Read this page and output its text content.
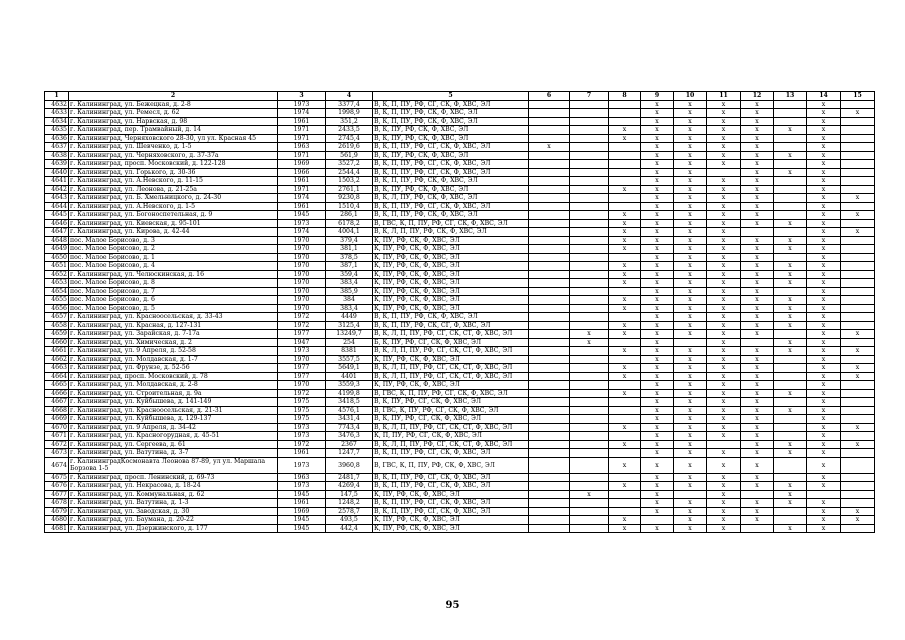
1	2	3	4	5	6	7	8	9	10	11	12	13	14	15
4632	г. Калининград, ул. Бежецкая, д. 2-8	1973	3377,4	В, К, П, ПУ, РФ, СГ, СК, Ф, ХВС, ЭЛ				x	x	x	x		x	
4633	г. Калининград, ул. Ремесл, д. 62	1974	1998,9	В, К, П, ПУ, РФ, СК, Ф, ХВС, ЭЛ				x	x	x	x		x	x
4634	г. Калининград, ул. Нарвская, д. 98	1961	351,2	В, К, П, ПУ, РФ, СК, Ф, ХВС, ЭЛ				x	x	x	x		x	
4635	г. Калининград, пер. Трамвайный, д. 14	1971	2433,5	В, К, ПУ, РФ, СК, Ф, ХВС, ЭЛ			x	x	x	x	x	x	x	
4636	г. Калининград, Черняховского 28-30, ул ул. Красная 45	1971	2745,4	В, К, ПУ, РФ, СК, Ф, ХВС, ЭЛ			x	x	x	x	x		x	
4637	г. Калининград, ул. Шевченко, д. 1-5	1963	2619,6	В, К, П, ПУ, РФ, СГ, СК, Ф, ХВС, ЭЛ	x			x	x	x	x		x	
4638	г. Калининград, ул. Черняховского, д. 37-37а	1971	561,9	В, К, ПУ, РФ, СК, Ф, ХВС, ЭЛ				x	x	x	x	x	x	
4639	г. Калининград, просп. Московский, д. 122-128	1969	3527,2	В, К, П, ПУ, РФ, СГ, СК, Ф, ХВС, ЭЛ				x	x	x	x		x	
4640	г. Калининград, ул. Горького, д. 30-36	1966	2544,4	В, К, П, ПУ, РФ, СГ, СК, Ф, ХВС, ЭЛ				x	x		x	x	x	
4641	г. Калининград, ул. А.Невского, д. 11-15	1961	1503,2	В, К, П, ПУ, РФ, СК, Ф, ХВС, ЭЛ				x	x	x	x		x	
4642	г. Калининград, ул. Леонова, д. 21-25а	1971	2761,1	В, К, ПУ, РФ, СК, Ф, ХВС, ЭЛ			x	x	x	x	x		x	
4643	г. Калининград, ул. Б. Хмельницкого, д. 24-30	1974	9230,8	В, К, Л, ПУ, РФ, СК, Ф, ХВС, ЭЛ				x	x	x	x		x	x
4644	г. Калининград, ул. А.Невского, д. 1-5	1961	1510,4	В, К, П, ПУ, РФ, СГ, СК, Ф, ХВС, ЭЛ				x	x	x	x		x	
4645	г. Калининград, ул. Богоноспетельная, д. 9	1945	286,1	В, К, П, ПУ, РФ, СК, Ф, ХВС, ЭЛ			x	x	x	x	x		x	x
4646	г. Калининград, ул. Киевская, д. 95-101	1973	6178,2	В, ГВС, К, П, ПУ, РФ, СГ, СК, Ф, ХВС, ЭЛ			x	x	x	x	x	x	x	
4647	г. Калининград, ул. Кирова, д. 42-44	1974	4004,1	В, К, Л, П, ПУ, РФ, СК, Ф, ХВС, ЭЛ			x	x	x	x			x	x
4648	пос. Малое Борисово, д. 3	1970	379,4	К, ПУ, РФ, СК, Ф, ХВС, ЭЛ			x	x	x	x	x	x	x	
4649	пос. Малое Борисово, д. 2	1970	381,1	К, ПУ, РФ, СК, Ф, ХВС, ЭЛ			x	x	x	x	x	x	x	
4650	пос. Малое Борисово, д. 1	1970	378,5	К, ПУ, РФ, СК, Ф, ХВС, ЭЛ				x	x	x	x		x	
4651	пос. Малое Борисово, д. 4	1970	387,1	К, ПУ, РФ, СК, Ф, ХВС, ЭЛ			x	x	x	x	x	x	x	
4652	г. Калининград, ул. Челюскинская, д. 16	1970	359,4	К, ПУ, РФ, СК, Ф, ХВС, ЭЛ			x	x	x	x	x	x	x	
4653	пос. Малое Борисово, д. 8	1970	383,4	К, ПУ, РФ, СК, Ф, ХВС, ЭЛ			x	x	x	x	x	x	x	
4654	пос. Малое Борисово, д. 7	1970	385,9	К, ПУ, РФ, СК, Ф, ХВС, ЭЛ				x	x	x	x		x	
4655	пос. Малое Борисово, д. 6	1970	384	К, ПУ, РФ, СК, Ф, ХВС, ЭЛ			x	x	x	x	x	x	x	
4656	пос. Малое Борисово, д. 5	1970	383,4	К, ПУ, РФ, СК, Ф, ХВС, ЭЛ			x	x	x	x	x	x	x	
4657	г. Калининград, ул. Красноосельская, д. 33-43	1972	4449	В, К, П, ПУ, РФ, СК, Ф, ХВС, ЭЛ				x	x	x	x	x	x	
4658	г. Калининград, ул. Красная, д. 127-131	1972	3125,4	В, К, П, ПУ, РФ, СК, СГ, Ф, ХВС, ЭЛ			x	x	x	x	x	x	x	
4659	г. Калининград, ул. Зарайская, д. 7-17а	1977	13249,7	В, К, Л, П, ПУ, РФ, СГ, СК, СТ, Ф, ХВС, ЭЛ		x	x	x	x	x	x		x	x
4660	г. Калининград, ул. Химическая, д. 2	1947	254	Б, К, ПУ, РФ, СГ, СК, Ф, ХВС, ЭЛ		x		x		x		x	x	
4661	г. Калининград, ул. 9 Апреля, д. 52-58	1973	8381	В, К, Л, П, ПУ, РФ, СГ, СК, СТ, Ф, ХВС, ЭЛ			x	x	x	x	x	x	x	x
4662	г. Калининград, ул. Молдавская, д. 1-7	1970	3557,5	К, ПУ, РФ, СК, Ф, ХВС, ЭЛ				x	x	x	x		x	
4663	г. Калининград, ул. Фрунзе, д. 52-56	1977	5649,1	В, К, Л, П, ПУ, РФ, СГ, СК, СТ, Ф, ХВС, ЭЛ			x	x	x	x	x		x	x
4664	г. Калининград, просп. Московский, д. 78	1977	4401	В, К, Л, П, ПУ, РФ, СГ, СК, СТ, Ф, ХВС, ЭЛ			x	x	x	x	x		x	x
4665	г. Калининград, ул. Молдавская, д. 2-8	1970	3559,3	К, ПУ, РФ, СК, Ф, ХВС, ЭЛ				x	x	x	x		x	
4666	г. Калининград, ул. Строительная, д. 9а	1972	4199,8	В, ГВС, К, П, ПУ, РФ, СГ, СК, Ф, ХВС, ЭЛ			x	x	x	x	x	x	x	
4667	г. Калининград, ул. Куйбышева, д. 141-149	1975	3418,5	В, К, ПУ, РФ, СГ, СК, Ф, ХВС, ЭЛ				x	x	x	x		x	
4668	г. Калининград, ул. Красноосельская, д. 21-31	1975	4576,1	В, ГВС, К, ПУ, РФ, СГ, СК, Ф, ХВС, ЭЛ				x	x	x	x	x	x	
4669	г. Калининград, ул. Куйбышева, д. 129-137	1975	3431,4	В, К, ПУ, РФ, СГ, СК, Ф, ХВС, ЭЛ				x	x	x	x		x	
4670	г. Калининград, ул. 9 Апреля, д. 34-42	1973	7743,4	В, К, Л, П, ПУ, РФ, СГ, СК, СТ, Ф, ХВС, ЭЛ			x	x	x	x	x		x	x
4671	г. Калининград, ул. Красногорудная, д. 45-51	1973	3476,3	К, П, ПУ, РФ, СГ, СК, Ф, ХВС, ЭЛ				x	x	x	x		x	
4672	г. Калининград, ул. Сергеева, д. 61	1972	2367	В, К, Л, П, ПУ, РФ, СГ, СК, СТ, Ф, ХВС, ЭЛ			x	x	x		x	x	x	x
4673	г. Калининград, ул. Ватутина, д. 3-7	1961	1247,7	В, К, П, ПУ, РФ, СГ, СК, Ф, ХВС, ЭЛ				x	x	x	x	x	x	
4674	г. КалининградКосмонавта Леонова 87-89, ул ул. Маршала Борзова 1-5	1973	3960,8	В, ГВС, К, П, ПУ, РФ, СК, Ф, ХВС, ЭЛ			x	x	x	x	x		x	
4675	г. Калининград, просп. Ленинский, д. 69-73	1963	2481,7	В, К, П, ПУ, РФ, СГ, СК, Ф, ХВС, ЭЛ				x	x	x	x		x	
4676	г. Калининград, ул. Некрасова, д. 18-24	1973	4269,4	В, К, П, ПУ, РФ, СГ, СК, Ф, ХВС, ЭЛ			x	x	x	x	x	x	x	
4677	г. Калининград, ул. Коммунальная, д. 62	1945	147,5	К, ПУ, РФ, СК, Ф, ХВС, ЭЛ		x		x		x		x		
4678	г. Калининград, ул. Ватутина, д. 1-3	1961	1248,2	В, К, П, ПУ, РФ, СГ, СК, Ф, ХВС, ЭЛ				x	x	x	x	x	x	
4679	г. Калининград, ул. Заводская, д. 30	1969	2578,7	В, К, П, ПУ, РФ, СГ, СК, Ф, ХВС, ЭЛ				x	x	x	x		x	x
4680	г. Калининград, ул. Баумана, д. 20-22	1945	493,5	К, ПУ, РФ, СК, Ф, ХВС, ЭЛ			x		x	x	x		x	x
4681	г. Калининград, ул. Дзержинского, д. 177	1945	442,4	К, ПУ, РФ, СК, Ф, ХВС, ЭЛ			x	x	x	x		x	x	
95
